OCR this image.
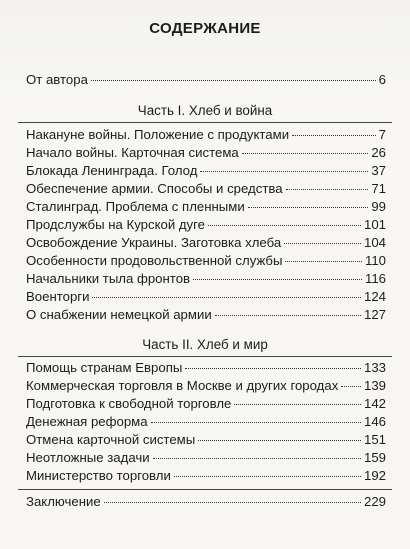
СОДЕРЖАНИЕ
От автора	6
Часть I. Хлеб и война
Накануне войны. Положение с продуктами	7
Начало войны. Карточная система	26
Блокада Ленинграда. Голод	37
Обеспечение армии. Способы и средства	71
Сталинград. Проблема с пленными	99
Продслужбы на Курской дуге	101
Освобождение Украины. Заготовка хлеба	104
Особенности продовольственной службы	110
Начальники тыла фронтов	116
Военторги	124
О снабжении немецкой армии	127
Часть II. Хлеб и мир
Помощь странам Европы	133
Коммерческая торговля в Москве и других городах 139
Подготовка к свободной торговле	142
Денежная реформа	146
Отмена карточной системы	151
Неотложные задачи	159
Министерство торговли	192
Заключение	229
